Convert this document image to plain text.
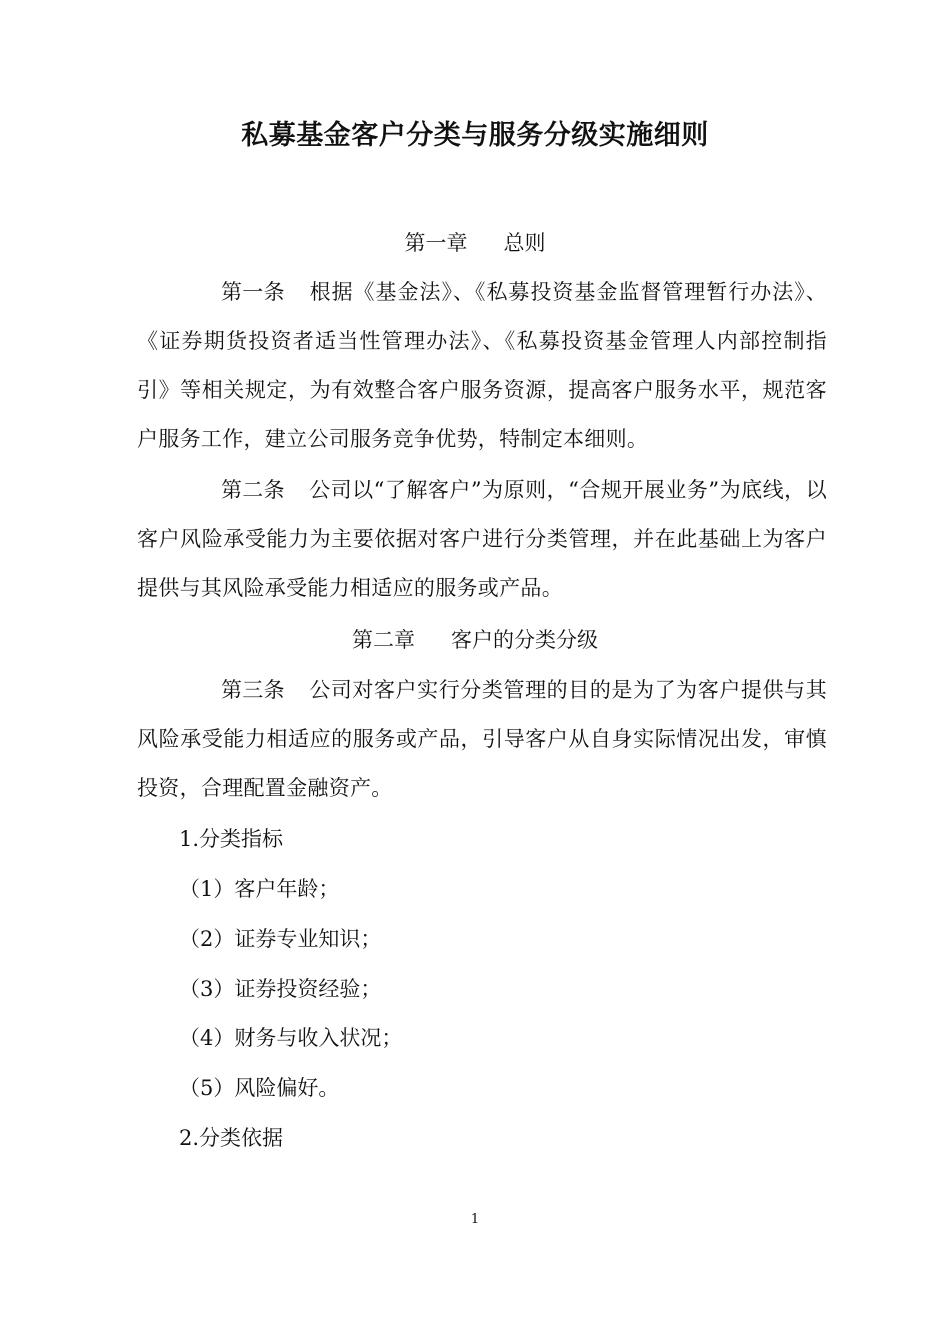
私募基金客户分类与服务分级实施细则
第一章 总则
第一条 根据《基金法》、《私募投资基金监督管理暂行办法》、《证券期货投资者适当性管理办法》、《私募投资基金管理人内部控制指引》等相关规定，为有效整合客户服务资源，提高客户服务水平，规范客户服务工作，建立公司服务竞争优势，特制定本细则。
第二条 公司以“了解客户”为原则，“合规开展业务”为底线，以客户风险承受能力为主要依据对客户进行分类管理，并在此基础上为客户提供与其风险承受能力相适应的服务或产品。
第二章 客户的分类分级
第三条 公司对客户实行分类管理的目的是为了为客户提供与其风险承受能力相适应的服务或产品，引导客户从自身实际情况出发，审慎投资，合理配置金融资产。
1.分类指标
（1）客户年龄；
（2）证券专业知识；
（3）证券投资经验；
（4）财务与收入状况；
（5）风险偏好。
2.分类依据
1
